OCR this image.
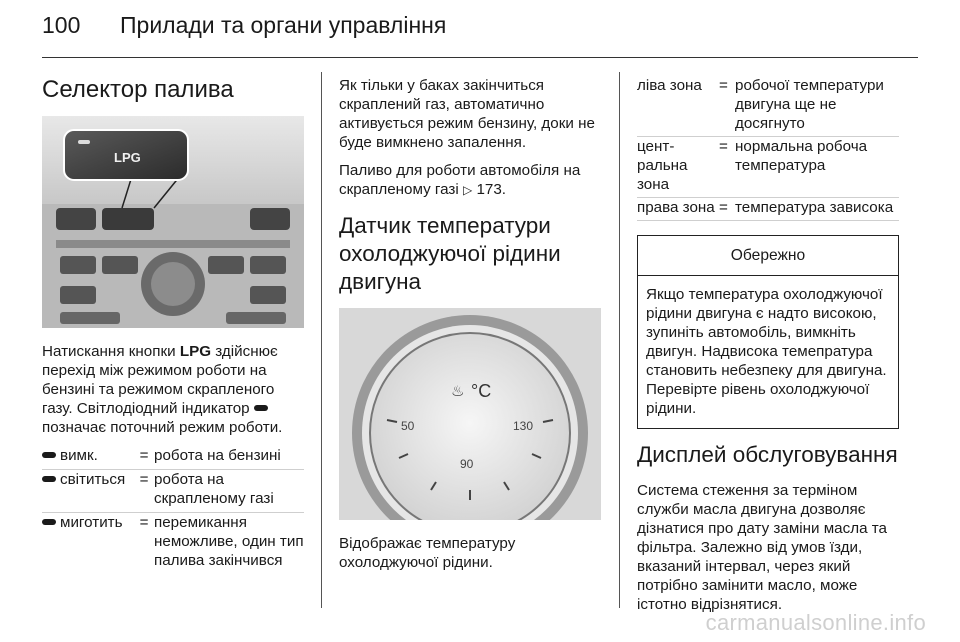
100 Прилади та органи управління
Селектор палива
LPG

Натискання кнопки LPG здійснює перехід між режимом роботи на бензині та режимом скрапленого газу. Світлодіодний індикатор  позначає поточний режим роботи.

вимк.	=	робота на бензині
світиться	=	робота на скрапленому газі
миготить	=	перемикання неможливе, один тип палива закінчився

Як тільки у баках закінчиться скраплений газ, автоматично активується режим бензину, доки не буде вимкнено запалення.

Паливо для роботи автомобіля на скрапленому газі ▷ 173.

Датчик температури охолоджуючої рідини двигуна
♨ °C
50
90
130

Відображає температуру охолоджуючої рідини.

ліва зона	=	робочої температури двигуна ще не досягнуто
цент-ральна зона	=	нормальна робоча температура
права зона	=	температура зависока
Обережно
Якщо температура охолоджуючої рідини двигуна є надто високою, зупиніть автомобіль, вимкніть двигун. Надвисока темепратура становить небезпеку для двигуна. Перевірте рівень охолоджуючої рідини.
Дисплей обслуговування

Система стеження за терміном служби масла двигуна дозволяє дізнатися про дату заміни масла та фільтра. Залежно від умов їзди, вказаний інтервал, через який потрібно замінити масло, може істотно відрізнятися.

carmanualsonline.info
